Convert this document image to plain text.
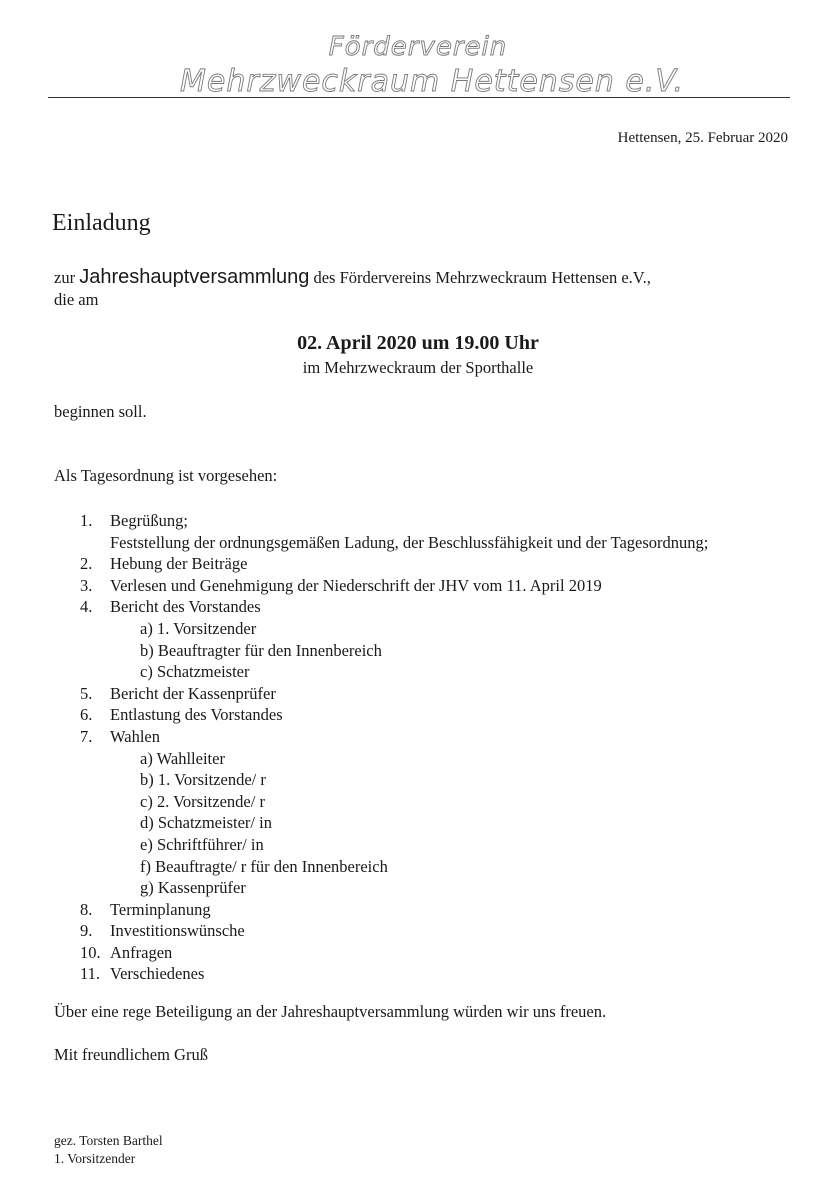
Förderverein
Mehrzweckraum Hettensen e.V.
Hettensen, 25. Februar 2020
Einladung
zur Jahreshauptversammlung des Fördervereins Mehrzweckraum Hettensen e.V.,
die am
02. April 2020 um 19.00 Uhr
im Mehrzweckraum der Sporthalle
beginnen soll.
Als Tagesordnung ist vorgesehen:
1. Begrüßung;
Feststellung der ordnungsgemäßen Ladung, der Beschlussfähigkeit und der Tagesordnung;
2. Hebung der Beiträge
3. Verlesen und Genehmigung der Niederschrift der JHV vom 11. April 2019
4. Bericht des Vorstandes
a) 1. Vorsitzender
b) Beauftragter für den Innenbereich
c) Schatzmeister
5. Bericht der Kassenprüfer
6. Entlastung des Vorstandes
7. Wahlen
a) Wahlleiter
b) 1. Vorsitzende/ r
c) 2. Vorsitzende/ r
d) Schatzmeister/ in
e) Schriftführer/ in
f) Beauftragte/ r für den Innenbereich
g) Kassenprüfer
8. Terminplanung
9. Investitionswünsche
10. Anfragen
11. Verschiedenes
Über eine rege Beteiligung an der Jahreshauptversammlung würden wir uns freuen.
Mit freundlichem Gruß
gez. Torsten Barthel
1. Vorsitzender
